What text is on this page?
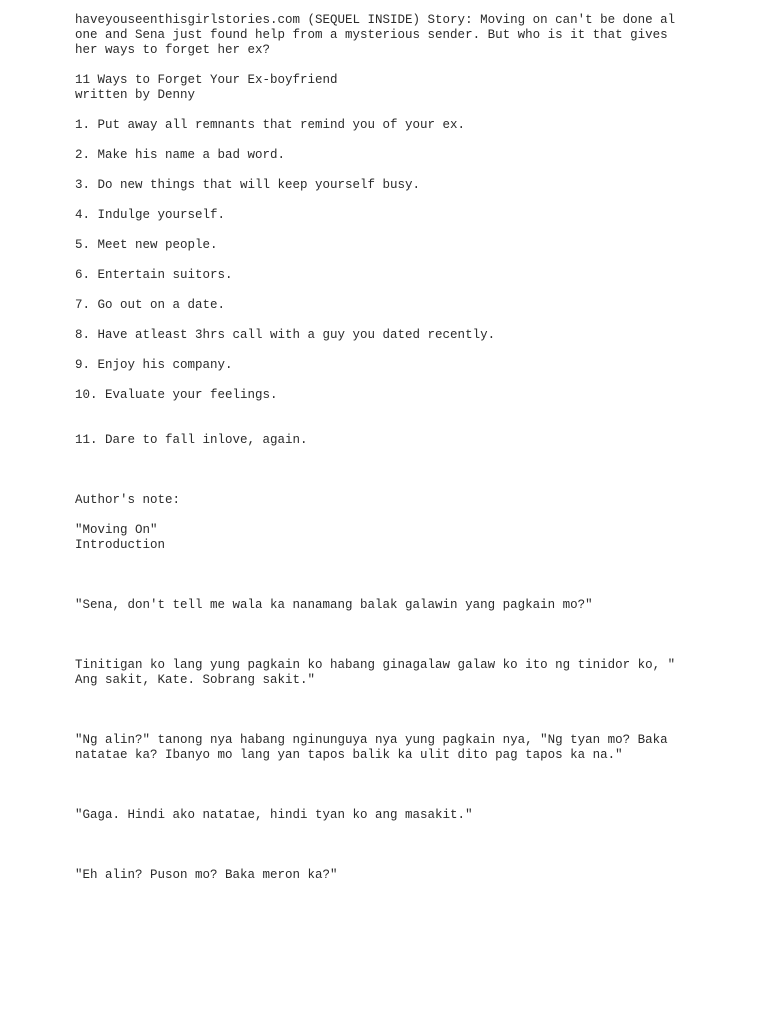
haveyouseenthisgirlstories.com (SEQUEL INSIDE) Story: Moving on can't be done al
one and Sena just found help from a mysterious sender. But who is it that gives
her ways to forget her ex?
11 Ways to Forget Your Ex-boyfriend
written by Denny
1. Put away all remnants that remind you of your ex.
2. Make his name a bad word.
3. Do new things that will keep yourself busy.
4. Indulge yourself.
5. Meet new people.
6. Entertain suitors.
7. Go out on a date.
8. Have atleast 3hrs call with a guy you dated recently.
9. Enjoy his company.
10. Evaluate your feelings.
11. Dare to fall inlove, again.
Author's note:
"Moving On"
Introduction
"Sena, don't tell me wala ka nanamang balak galawin yang pagkain mo?"
Tinitigan ko lang yung pagkain ko habang ginagalaw galaw ko ito ng tinidor ko, "
Ang sakit, Kate. Sobrang sakit."
"Ng alin?" tanong nya habang nginunguya nya yung pagkain nya, "Ng tyan mo? Baka
natatae ka? Ibanyo mo lang yan tapos balik ka ulit dito pag tapos ka na."
"Gaga. Hindi ako natatae, hindi tyan ko ang masakit."
"Eh alin? Puson mo? Baka meron ka?"
